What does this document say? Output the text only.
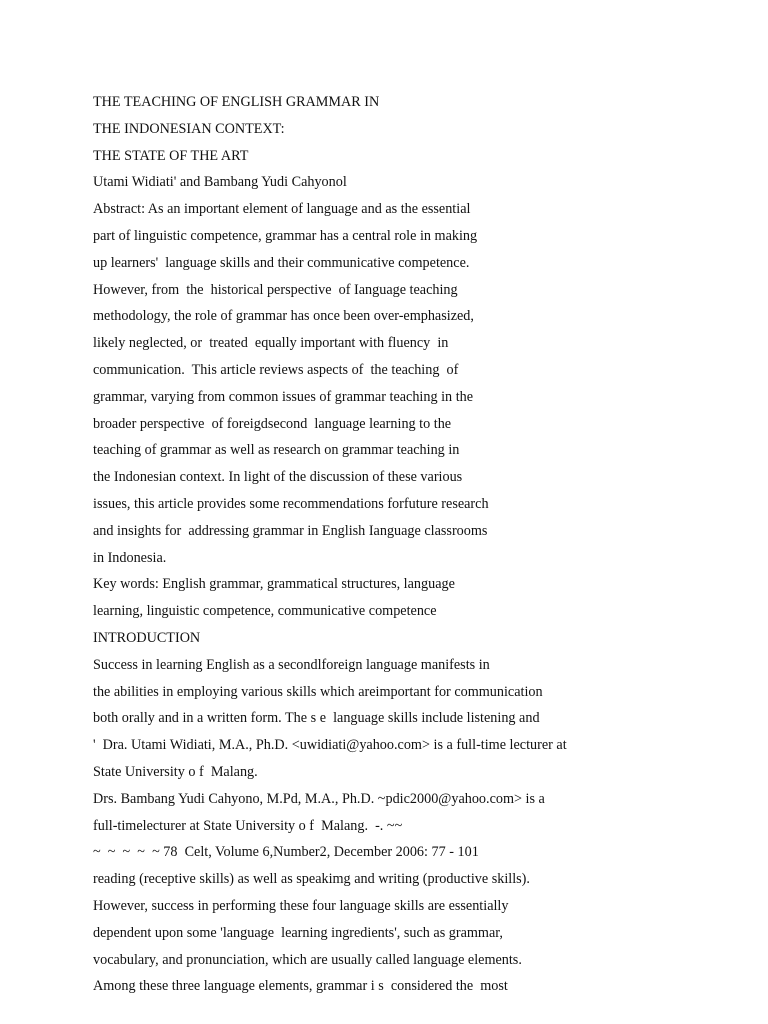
THE TEACHING OF ENGLISH GRAMMAR IN

THE INDONESIAN CONTEXT:

THE STATE OF THE ART

Utami Widiati' and Bambang Yudi Cahyonol

Abstract: As an important element of language and as the essential

part of linguistic competence, grammar has a central role in making

up learners'  language skills and their communicative competence.

However, from  the  historical perspective  of Ianguage teaching

methodology, the role of grammar has once been over-emphasized,

likely neglected, or  treated  equally important with fluency  in

communication.  This article reviews aspects of  the teaching  of

grammar, varying from common issues of grammar teaching in the

broader perspective  of foreigdsecond  language learning to the

teaching of grammar as well as research on grammar teaching in

the Indonesian context. In light of the discussion of these various

issues, this article provides some recommendations forfuture research

and insights for  addressing grammar in English Ianguage classrooms

in Indonesia.

Key words: English grammar, grammatical structures, language

learning, linguistic competence, communicative competence

INTRODUCTION

Success in learning English as a secondlforeign language manifests in

the abilities in employing various skills which areimportant for communication

both orally and in a written form. The s e  language skills include listening and

'  Dra. Utami Widiati, M.A., Ph.D. <uwidiati@yahoo.com> is a full-time lecturer at

State University o f  Malang.

Drs. Bambang Yudi Cahyono, M.Pd, M.A., Ph.D. ~pdic2000@yahoo.com> is a

full-timelecturer at State University o f  Malang.  -. ~~

~  ~  ~  ~  ~ 78  Celt, Volume 6,Number2, December 2006: 77 - 101

reading (receptive skills) as well as speakimg and writing (productive skills).

However, success in performing these four language skills are essentially

dependent upon some 'language  learning ingredients', such as grammar,

vocabulary, and pronunciation, which are usually called language elements.

Among these three language elements, grammar i s  considered the  most
